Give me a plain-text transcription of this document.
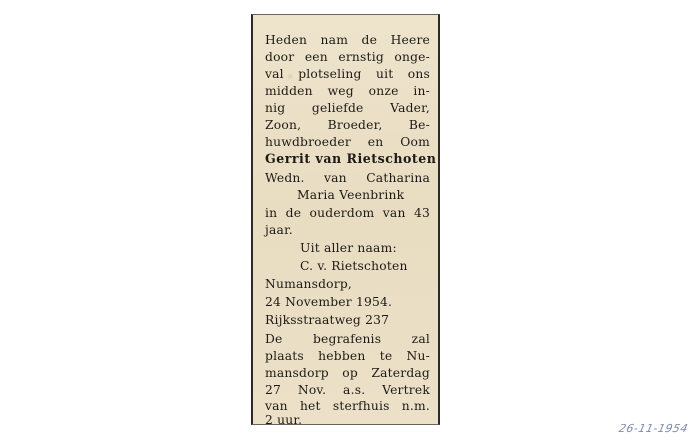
Heden nam de Heere
door een ernstig onge-
val plotseling uit ons
midden weg onze in-
nig geliefde Vader,
Zoon, Broeder, Be-
huwdbroeder en Oom
Gerrit van Rietschoten
Wedn. van Catharina
Maria Veenbrink
in de ouderdom van 43
jaar.
Uit aller naam:
C. v. Rietschoten
Numansdorp,
24 November 1954.
Rijksstraatweg 237
De begrafenis zal
plaats hebben te Nu-
mansdorp op Zaterdag
27 Nov. a.s. Vertrek
van het sterfhuis n.m.
2 uur.
26-11-1954
